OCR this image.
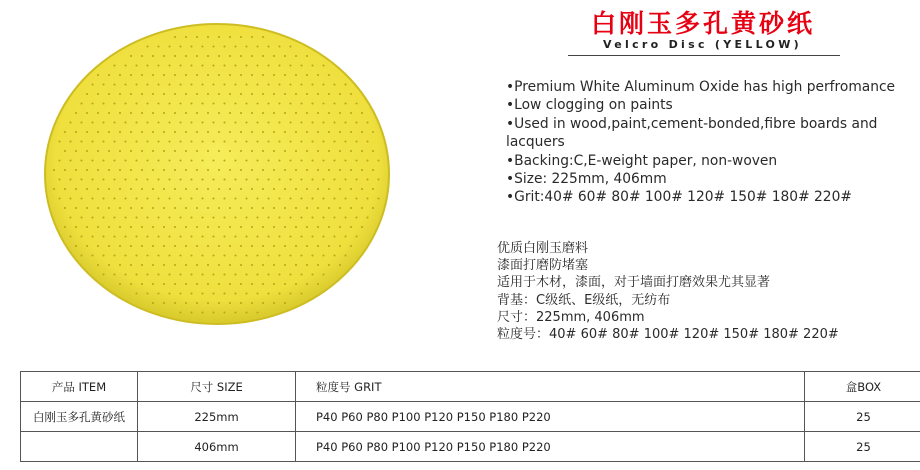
白刚玉多孔黄砂纸
Velcro Disc (YELLOW)
•Premium White Aluminum Oxide has high perfromance
•Low clogging on paints
•Used in wood,paint,cement-bonded,fibre boards and
lacquers
•Backing:C,E-weight paper, non-woven
•Size: 225mm, 406mm
•Grit:40# 60# 80# 100# 120# 150# 180# 220#
优质白刚玉磨料
漆面打磨防堵塞
适用于木材，漆面，对于墙面打磨效果尤其显著
背基：C级纸、E级纸，无纺布
尺寸：225mm, 406mm
粒度号：40# 60# 80# 100# 120# 150# 180# 220#
产品 ITEM	尺寸 SIZE	粒度号 GRIT	盒BOX
白刚玉多孔黄砂纸	225mm	P40 P60 P80 P100 P120 P150 P180 P220	25
	406mm	P40 P60 P80 P100 P120 P150 P180 P220	25
